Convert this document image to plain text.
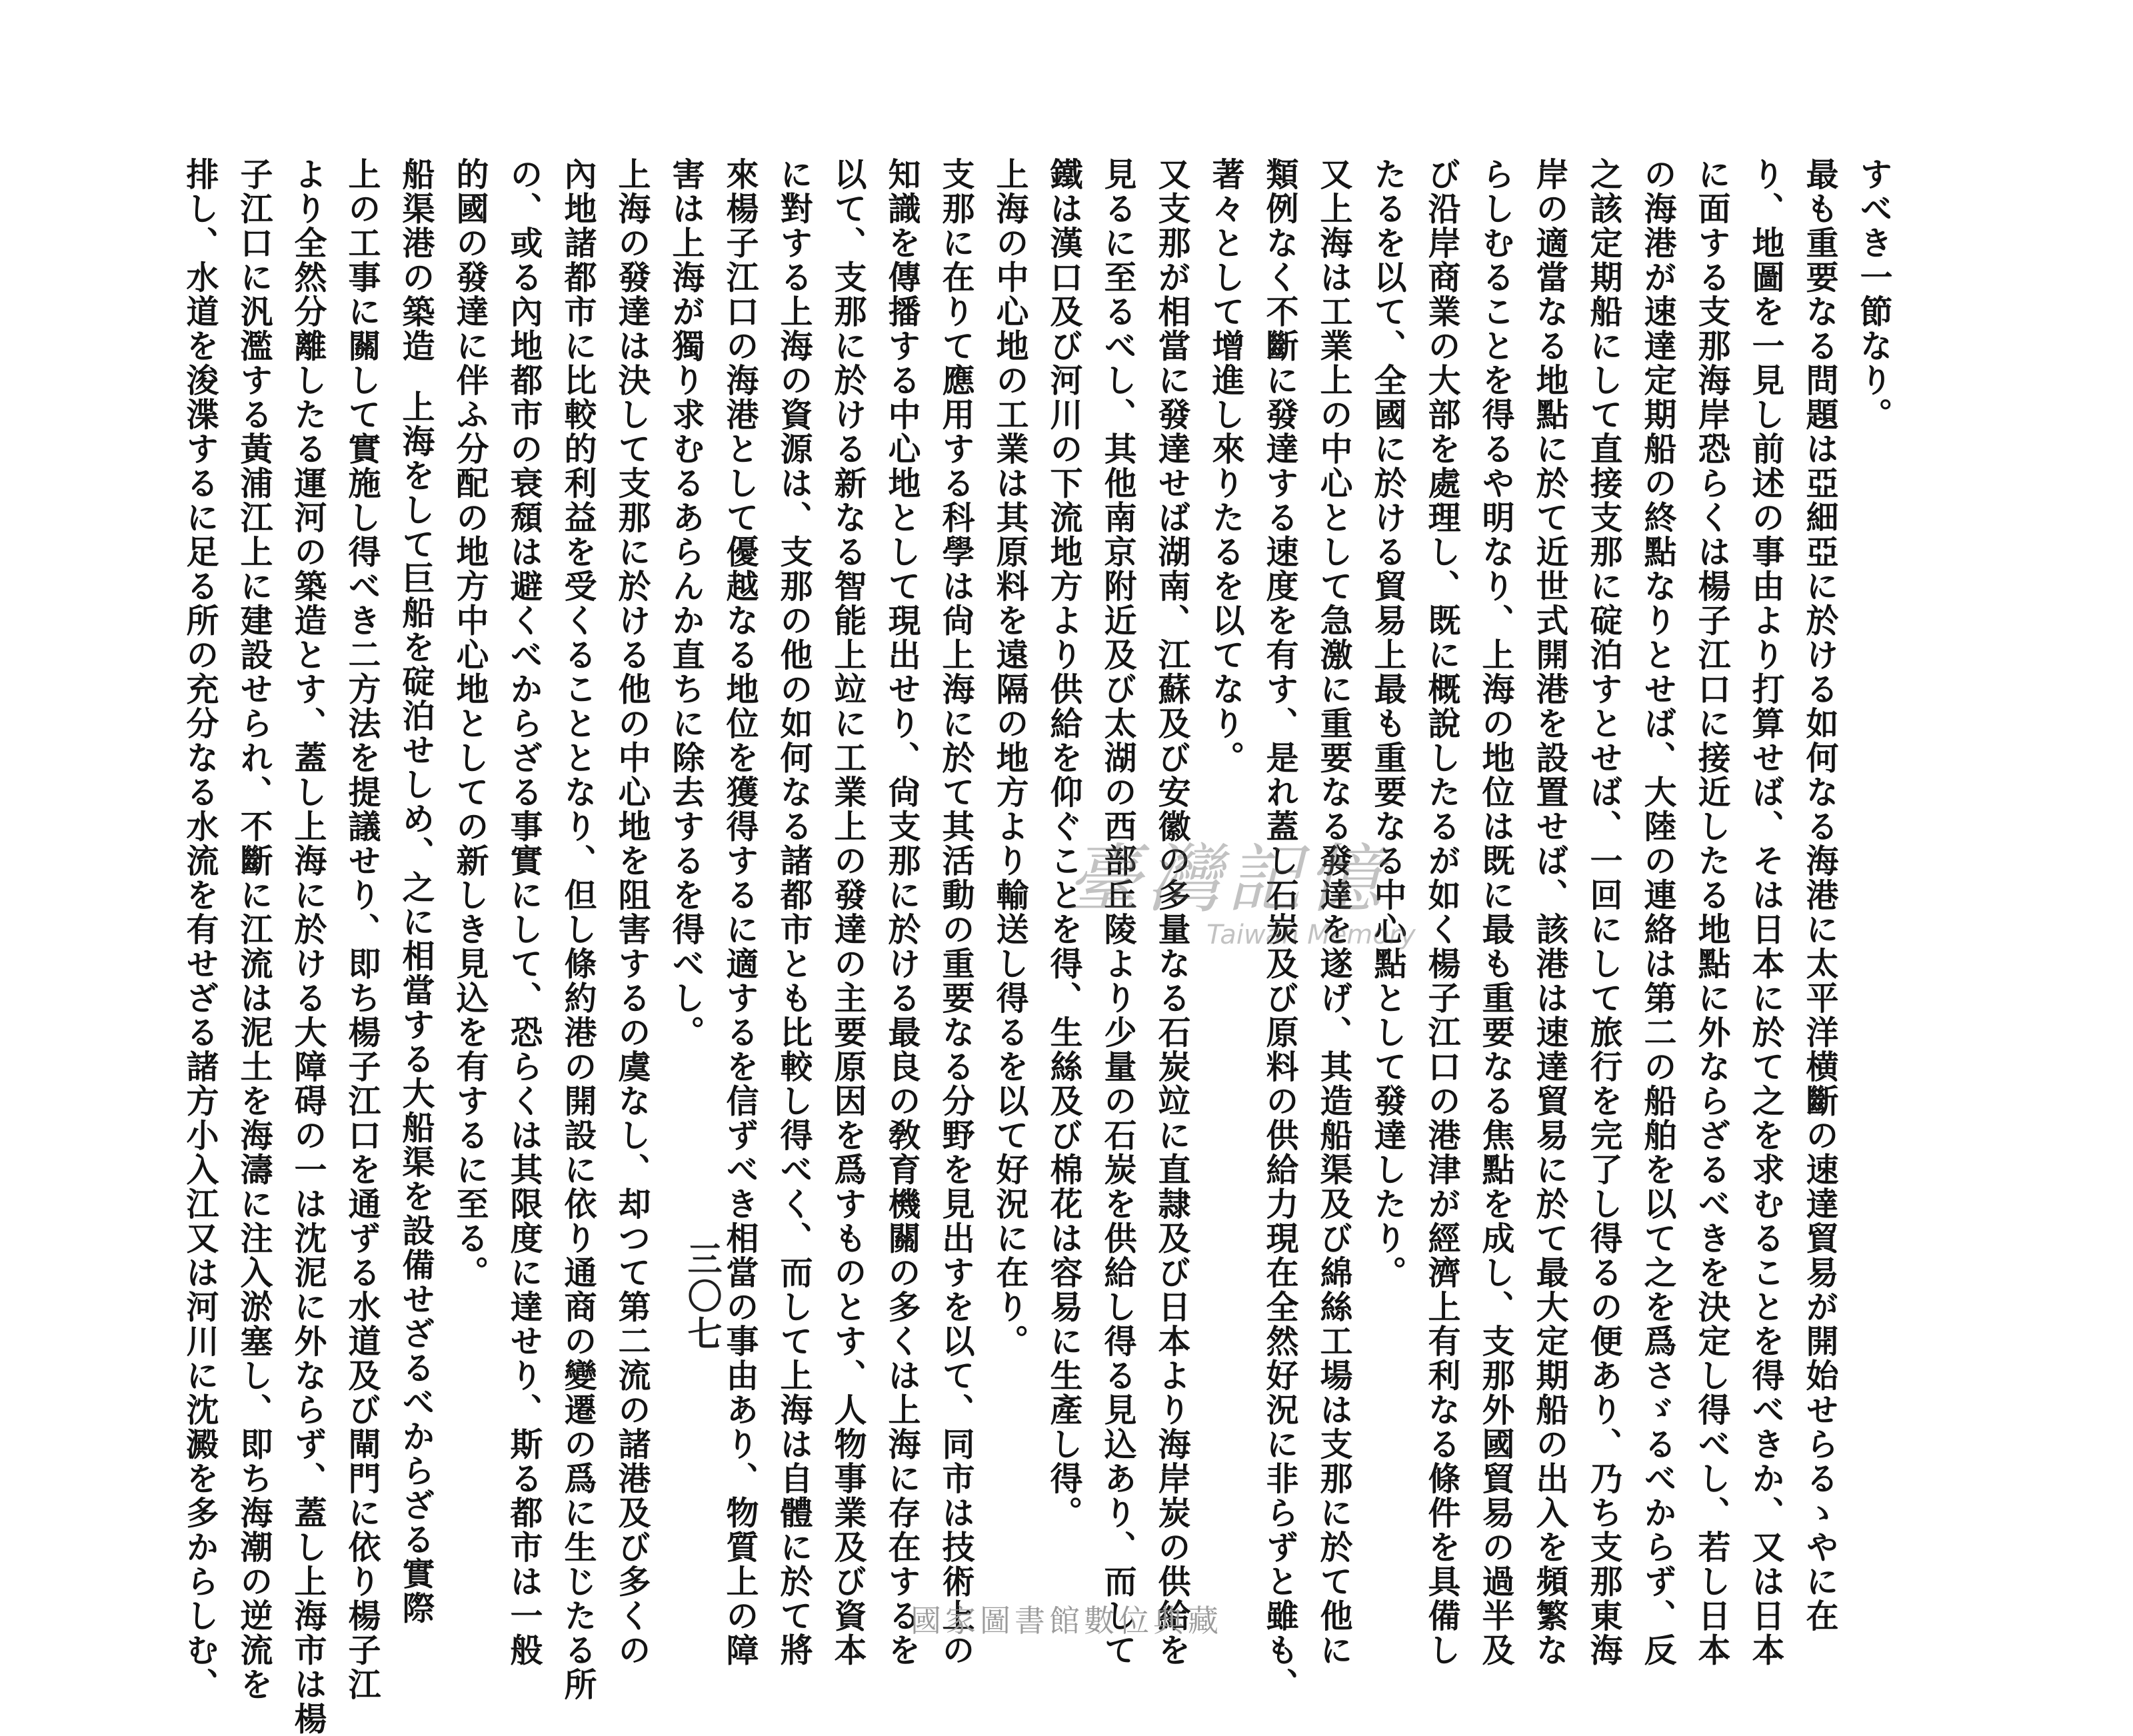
すべき一節なり。
最も重要なる問題は亞細亞に於ける如何なる海港に太平洋横斷の速達貿易が開始せらるゝやに在
り、地圖を一見し前述の事由より打算せば、そは日本に於て之を求むることを得べきか、又は日本
に面する支那海岸恐らくは楊子江口に接近したる地點に外ならざるべきを決定し得べし、若し日本
の海港が速達定期船の終點なりとせば、大陸の連絡は第二の船舶を以て之を爲さゞるべからず、反
之該定期船にして直接支那に碇泊すとせば、一回にして旅行を完了し得るの便あり、乃ち支那東海
岸の適當なる地點に於て近世式開港を設置せば、該港は速達貿易に於て最大定期船の出入を頻繁な
らしむることを得るや明なり、上海の地位は既に最も重要なる焦點を成し、支那外國貿易の過半及
び沿岸商業の大部を處理し、既に概說したるが如く楊子江口の港津が經濟上有利なる條件を具備し
たるを以て、全國に於ける貿易上最も重要なる中心點として發達したり。
又上海は工業上の中心として急激に重要なる發達を遂げ、其造船渠及び綿絲工場は支那に於て他に
類例なく不斷に發達する速度を有す、是れ蓋し石炭及び原料の供給力現在全然好況に非らずと雖も、
著々として增進し來りたるを以てなり。
又支那が相當に發達せば湖南、江蘇及び安徽の多量なる石炭竝に直隷及び日本より海岸炭の供給を
見るに至るべし、其他南京附近及び太湖の西部丘陵より少量の石炭を供給し得る見込あり、而して
鐵は漢口及び河川の下流地方より供給を仰ぐことを得、生絲及び棉花は容易に生產し得。
上海の中心地の工業は其原料を遠隔の地方より輸送し得るを以て好況に在り。
支那に在りて應用する科學は尙上海に於て其活動の重要なる分野を見出すを以て、同市は技術上の
知識を傳播する中心地として現出せり、尙支那に於ける最良の敎育機關の多くは上海に存在するを
以て、支那に於ける新なる智能上竝に工業上の發達の主要原因を爲すものとす、人物事業及び資本
に對する上海の資源は、支那の他の如何なる諸都市とも比較し得べく、而して上海は自體に於て將
來楊子江口の海港として優越なる地位を獲得するに適するを信ずべき相當の事由あり、物質上の障
害は上海が獨り求むるあらんか直ちに除去するを得べし。
上海の發達は決して支那に於ける他の中心地を阻害するの虞なし、却つて第二流の諸港及び多くの
內地諸都市に比較的利益を受くることとなり、但し條約港の開設に依り通商の變遷の爲に生じたる所
の、或る內地都市の衰頹は避くべからざる事實にして、恐らくは其限度に達せり、斯る都市は一般
的國の發達に伴ふ分配の地方中心地としての新しき見込を有するに至る。
船渠港の築造上海をして巨船を碇泊せしめ、之に相當する大船渠を設備せざるべからざる實際
上の工事に關して實施し得べき二方法を提議せり、即ち楊子江口を通ずる水道及び閘門に依り楊子江
より全然分離したる運河の築造とす、蓋し上海に於ける大障碍の一は沈泥に外ならず、蓋し上海市は楊
子江口に汎濫する黃浦江上に建設せられ、不斷に江流は泥土を海濤に注入淤塞し、即ち海潮の逆流を
排し、水道を浚渫するに足る所の充分なる水流を有せざる諸方小入江又は河川に沈澱を多からしむ、	三〇七
臺灣記憶
Taiwan Memory
國家圖書館數位典藏
